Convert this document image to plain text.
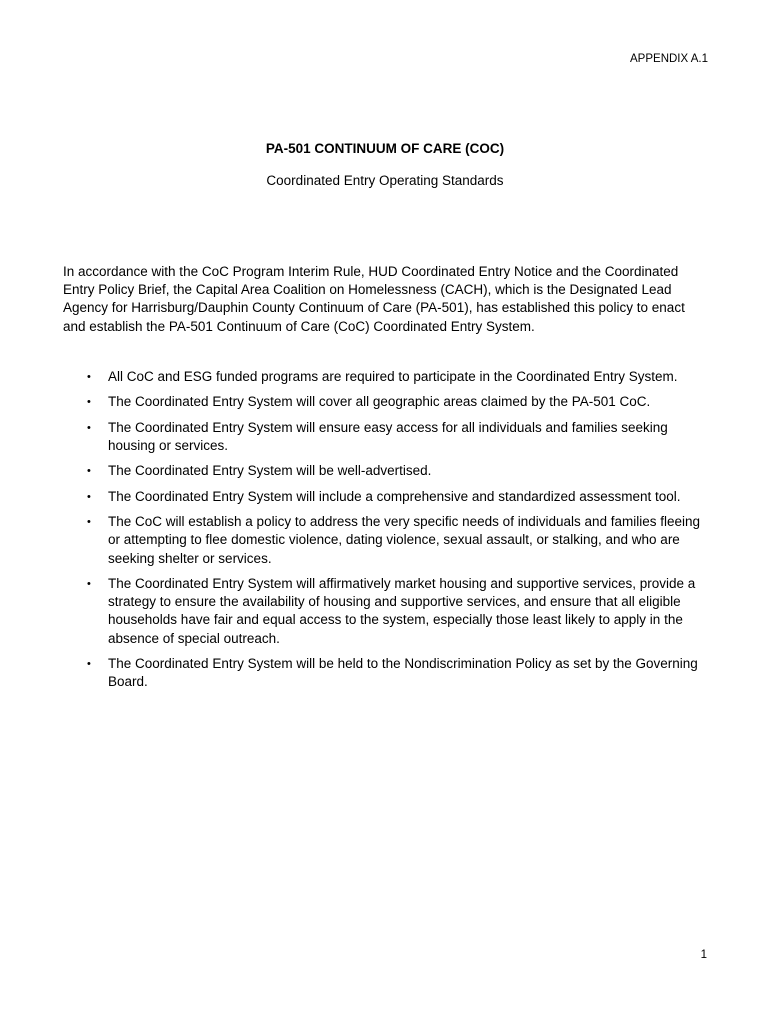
APPENDIX A.1
PA-501 CONTINUUM OF CARE (COC)
Coordinated Entry Operating Standards

In accordance with the CoC Program Interim Rule, HUD Coordinated Entry Notice and the Coordinated Entry Policy Brief, the Capital Area Coalition on Homelessness (CACH), which is the Designated Lead Agency for Harrisburg/Dauphin County Continuum of Care (PA-501), has established this policy to enact and establish the PA-501 Continuum of Care (CoC) Coordinated Entry System.

•	All CoC and ESG funded programs are required to participate in the Coordinated Entry System.
•	The Coordinated Entry System will cover all geographic areas claimed by the PA-501 CoC.
•	The Coordinated Entry System will ensure easy access for all individuals and families seeking housing or services.
•	The Coordinated Entry System will be well-advertised.
•	The Coordinated Entry System will include a comprehensive and standardized assessment tool.
•	The CoC will establish a policy to address the very specific needs of individuals and families fleeing or attempting to flee domestic violence, dating violence, sexual assault, or stalking, and who are seeking shelter or services.
•	The Coordinated Entry System will affirmatively market housing and supportive services, provide a strategy to ensure the availability of housing and supportive services, and ensure that all eligible households have fair and equal access to the system, especially those least likely to apply in the absence of special outreach.
•	The Coordinated Entry System will be held to the Nondiscrimination Policy as set by the Governing Board.
1
